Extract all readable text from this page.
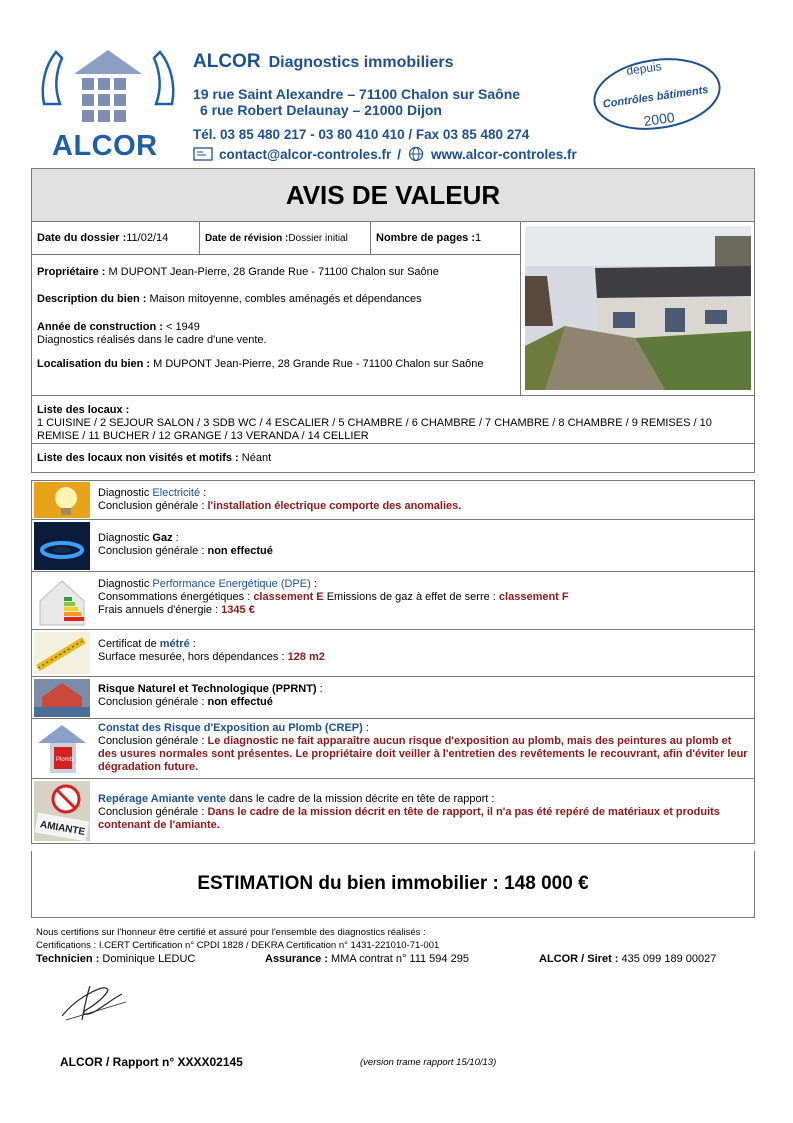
ALCOR
ALCOR Diagnostics immobiliers
19 rue Saint Alexandre – 71100 Chalon sur Saône
6 rue Robert Delaunay – 21000 Dijon
Tél. 03 85 480 217 - 03 80 410 410 / Fax 03 85 480 274
contact@alcor-controles.fr / www.alcor-controles.fr
depuis
Contrôles bâtiments
2000
AVIS DE VALEUR
Date du dossier : 11/02/14	Date de révision : Dossier initial	Nombre de pages : 1
Propriétaire : M DUPONT Jean-Pierre, 28 Grande Rue - 71100 Chalon sur Saône
Description du bien : Maison mitoyenne, combles aménagés et dépendances
Année de construction : < 1949
Diagnostics réalisés dans le cadre d'une vente.
Localisation du bien : M DUPONT Jean-Pierre, 28 Grande Rue - 71100 Chalon sur Saône
Liste des locaux :
1 CUISINE / 2 SEJOUR SALON / 3 SDB WC / 4 ESCALIER / 5 CHAMBRE / 6 CHAMBRE / 7 CHAMBRE / 8 CHAMBRE / 9 REMISES / 10 REMISE / 11 BUCHER / 12 GRANGE / 13 VERANDA / 14 CELLIER
Liste des locaux non visités et motifs : Néant
Diagnostic Electricité :
Conclusion générale : l'installation électrique comporte des anomalies.
Diagnostic Gaz :
Conclusion générale : non effectué
Diagnostic Performance Energétique (DPE) :
Consommations énergétiques : classement E Emissions de gaz à effet de serre : classement F
Frais annuels d'énergie : 1345 €
Certificat de métré :
Surface mesurée, hors dépendances : 128 m2
Risque Naturel et Technologique (PPRNT) :
Conclusion générale : non effectué
Plomb
Constat des Risque d'Exposition au Plomb (CREP) :
Conclusion générale : Le diagnostic ne fait apparaître aucun risque d'exposition au plomb, mais des peintures au plomb et des usures normales sont présentes. Le propriétaire doit veiller à l'entretien des revêtements le recouvrant, afin d'éviter leur dégradation future.
AMIANTE
Repérage Amiante vente dans le cadre de la mission décrite en tête de rapport :
Conclusion générale : Dans le cadre de la mission décrit en tête de rapport, il n'a pas été repéré de matériaux et produits contenant de l'amiante.
ESTIMATION du bien immobilier : 148 000 €
Nous certifions sur l'honneur être certifié et assuré pour l'ensemble des diagnostics réalisés :
Certifications : I.CERT Certification n° CPDI 1828 / DEKRA Certification n° 1431-221010-71-001
Technicien : Dominique LEDUC	Assurance : MMA contrat n° 111 594 295	ALCOR / Siret : 435 099 189 00027
ALCOR / Rapport n° XXXX02145	(version trame rapport 15/10/13)
